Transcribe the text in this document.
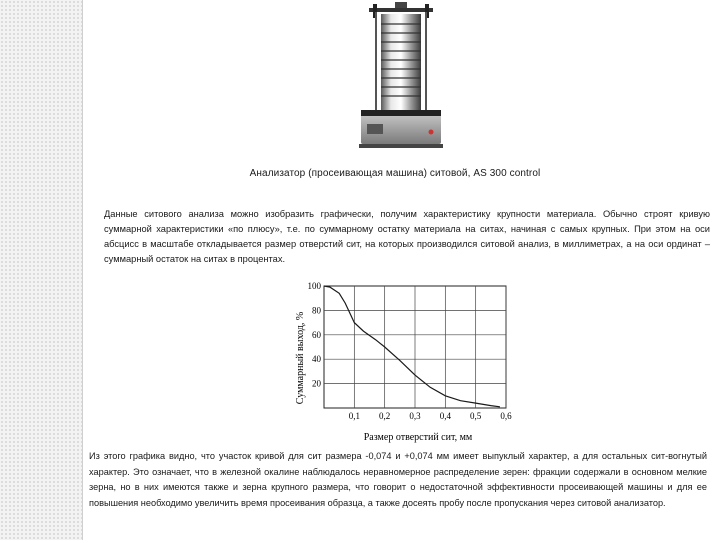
Анализатор (просеивающая машина) ситовой, AS 300 control

Данные ситового анализа можно изобразить графически, получим характеристику крупности материала. Обычно строят кривую суммарной характеристики «по плюсу», т.е. по суммарному остатку материала на ситах, начиная с самых крупных. При этом на оси абсцисс в масштабе откладывается размер отверстий сит, на которых производился ситовой анализ, в миллиметрах, а на оси ординат – суммарный остаток на ситах в процентах.

0,1 0,2 0,3 0,4 0,5 0,6
100
80
60
40
20
Суммарный выход, %
Размер отверстий сит, мм

Из этого графика видно, что участок кривой для сит размера -0,074 и +0,074 мм имеет выпуклый характер, а для остальных сит-вогнутый характер. Это означает, что в железной окалине наблюдалось неравномерное распределение зерен: фракции содержали в основном мелкие зерна, но в них имеются также и зерна крупного размера, что говорит о недостаточной эффективности просеивающей машины и для ее повышения необходимо увеличить время просеивания образца, а также досеять пробу после пропускания через ситовой анализатор.
